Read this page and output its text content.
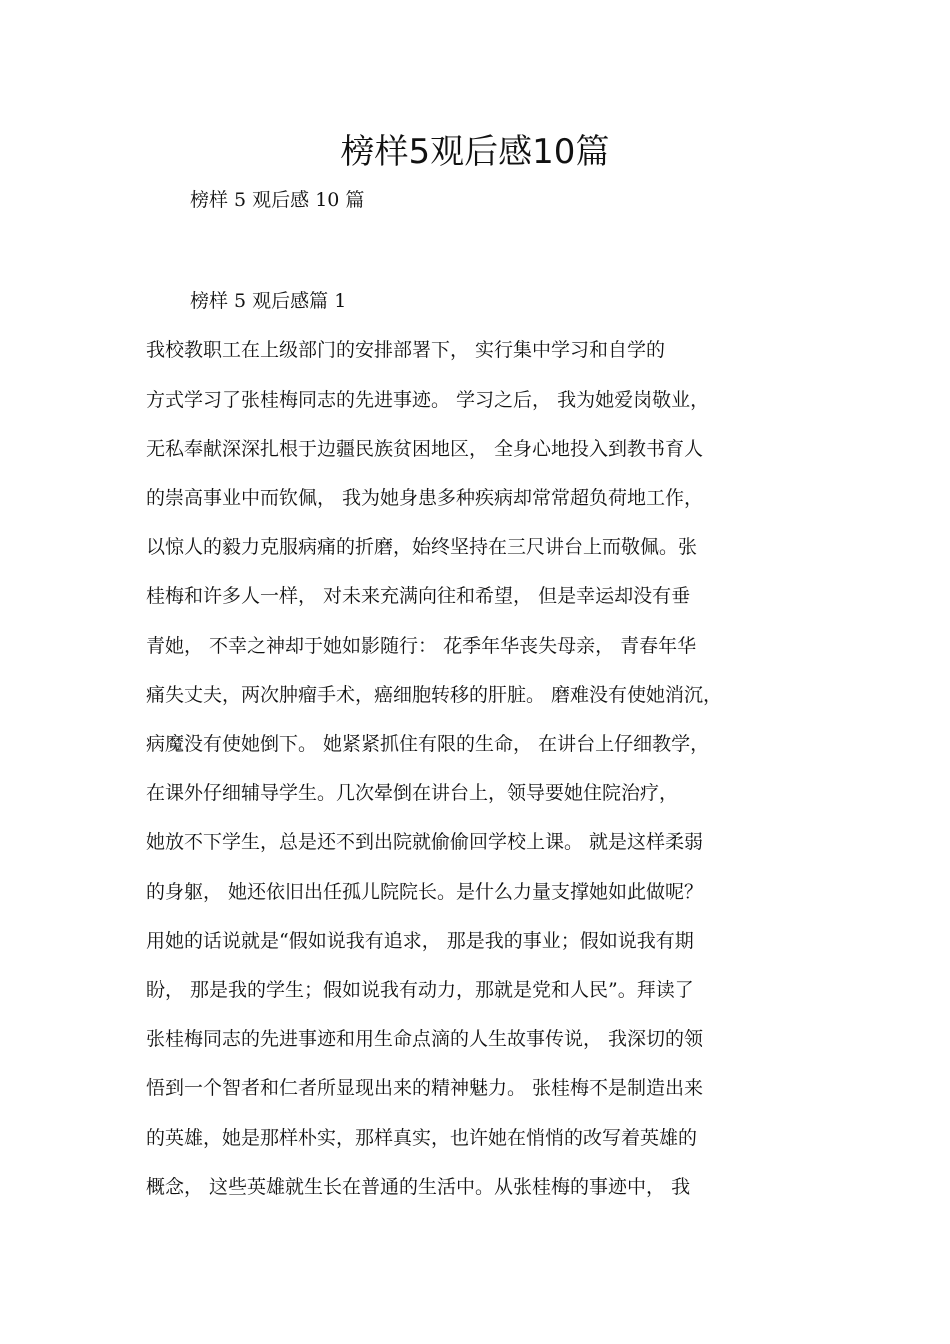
榜样5观后感10篇

榜样 5 观后感 10 篇

榜样 5 观后感篇 1

我校教职工在上级部门的安排部署下， 实行集中学习和自学的

方式学习了张桂梅同志的先进事迹。 学习之后， 我为她爱岗敬业，

无私奉献深深扎根于边疆民族贫困地区， 全身心地投入到教书育人

的崇高事业中而钦佩， 我为她身患多种疾病却常常超负荷地工作，

以惊人的毅力克服病痛的折磨，始终坚持在三尺讲台上而敬佩。张

桂梅和许多人一样， 对未来充满向往和希望， 但是幸运却没有垂

青她， 不幸之神却于她如影随行： 花季年华丧失母亲， 青春年华

痛失丈夫，两次肿瘤手术，癌细胞转移的肝脏。 磨难没有使她消沉，

病魔没有使她倒下。 她紧紧抓住有限的生命， 在讲台上仔细教学，

在课外仔细辅导学生。几次晕倒在讲台上，领导要她住院治疗，

她放不下学生，总是还不到出院就偷偷回学校上课。 就是这样柔弱

的身躯， 她还依旧出任孤儿院院长。是什么力量支撑她如此做呢？

用她的话说就是“假如说我有追求， 那是我的事业；假如说我有期

盼， 那是我的学生；假如说我有动力，那就是党和人民”。拜读了

张桂梅同志的先进事迹和用生命点滴的人生故事传说， 我深切的领

悟到一个智者和仁者所显现出来的精神魅力。 张桂梅不是制造出来

的英雄，她是那样朴实，那样真实，也许她在悄悄的改写着英雄的

概念， 这些英雄就生长在普通的生活中。从张桂梅的事迹中， 我
